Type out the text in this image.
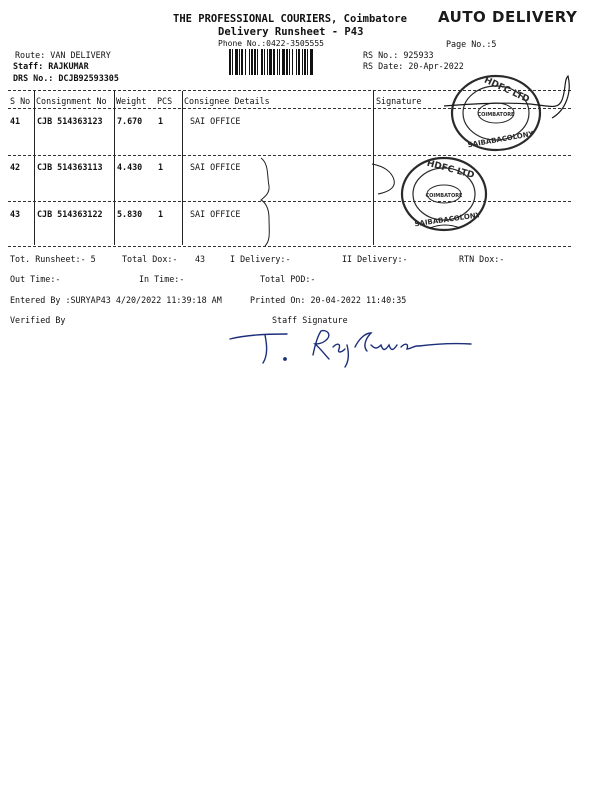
THE PROFESSIONAL COURIERS, Coimbatore
Delivery Runsheet - P43
Phone No.:0422-3505555	Page No.:5
AUTO DELIVERY
Route: VAN DELIVERY
Staff: RAJKUMAR
DRS No.: DCJB92593305
RS No.: 925933
RS Date: 20-Apr-2022
S No Consignment No Weight PCS Consignee Details	Signature
41 CJB 514363123 7.670 1	SAI OFFICE
42 CJB 514363113 4.430 1	SAI OFFICE
43 CJB 514363122 5.830 1	SAI OFFICE
Tot. Runsheet:- 5	Total Dox:- 43	I Delivery:-	II Delivery:-	RTN Dox:-
Out Time:-	In Time:-	Total POD:-
Entered By :SURYAP43 4/20/2022 11:39:18 AM	Printed On: 20-04-2022 11:40:35
Verified By	Staff Signature
HDFC LTD
COIMBATORE
SAIBABACOLONY
HDFC LTD
COIMBATORE
SAIBABACOLONY
